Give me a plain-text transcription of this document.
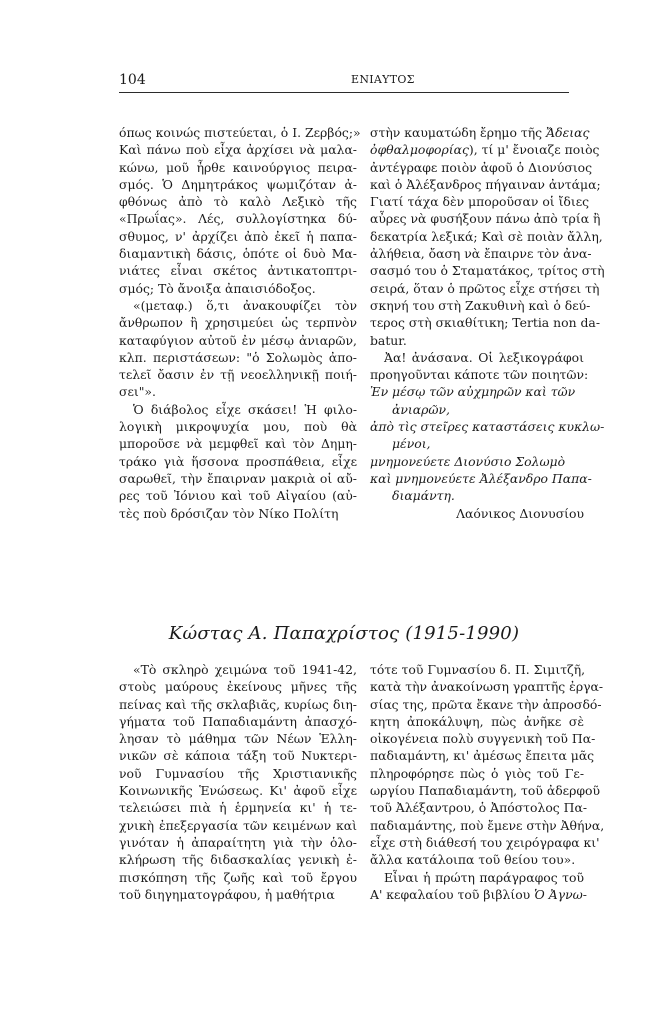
104	ΕΝΙΑΥΤΟΣ
όπως κοινώς πιστεύεται, ὁ Ι. Ζερβός;»
Καὶ πάνω ποὺ εἶχα ἀρχίσει νὰ μαλα-
κώνω, μοῦ ἦρθε καινούργιος πειρα-
σμός. Ὁ Δημητράκος ψωμιζόταν ἀ-
φθόνως ἀπὸ τὸ καλὸ Λεξικὸ τῆς
«Πρωΐας». Λές, συλλογίστηκα δύ-
σθυμος, ν' ἀρχίζει ἀπὸ ἐκεῖ ἡ παπα-
διαμαντικὴ δάσις, ὁπότε οἱ δυὸ Μα-
νιάτες εἶναι σκέτος ἀντικατοπτρι-
σμός; Τὸ ἄνοιξα ἀπαισιόδοξος.
«(μεταφ.) ὅ,τι ἀνακουφίζει τὸν
ἄνθρωπον ἢ χρησιμεύει ὡς τερπνὸν
καταφύγιον αὐτοῦ ἐν μέσῳ ἀνιαρῶν,
κλπ. περιστάσεων: "ὁ Σολωμὸς ἀπο-
τελεῖ ὄασιν ἐν τῇ νεοελληνικῇ ποιή-
σει"».
Ὁ διάβολος εἶχε σκάσει! Ἡ φιλο-
λογικὴ μικροψυχία μου, ποὺ θὰ
μποροῦσε νὰ μεμφθεῖ καὶ τὸν Δημη-
τράκο γιὰ ἥσσονα προσπάθεια, εἶχε
σαρωθεῖ, τὴν ἔπαιρναν μακριὰ οἱ αὔ-
ρες τοῦ Ἰόνιου καὶ τοῦ Αἰγαίου (αὐ-
τὲς ποὺ δρόσιζαν τὸν Νίκο Πολίτη
στὴν καυματώδη ἔρημο τῆς Ἄδειας
ὀφθαλμοφορίας), τί μ' ἔνοιαζε ποιὸς
ἀντέγραφε ποιὸν ἀφοῦ ὁ Διονύσιος
καὶ ὁ Ἀλέξανδρος πήγαιναν ἀντάμα;
Γιατί τάχα δὲν μποροῦσαν οἱ ἴδιες
αὖρες νὰ φυσήξουν πάνω ἀπὸ τρία ἢ
δεκατρία λεξικά; Καὶ σὲ ποιὰν ἄλλη,
ἀλήθεια, ὄαση νὰ ἔπαιρνε τὸν ἀνα-
σασμό του ὁ Σταματάκος, τρίτος στὴ
σειρά, ὅταν ὁ πρῶτος εἶχε στήσει τὴ
σκηνή του στὴ Ζακυθινὴ καὶ ὁ δεύ-
τερος στὴ σκιαθίτικη; Tertia non da-
batur.
Ἀα! ἀνάσανα. Οἱ λεξικογράφοι
προηγοῦνται κάποτε τῶν ποιητῶν:
Ἐν μέσῳ τῶν αὐχμηρῶν καὶ τῶν
ἀνιαρῶν,
ἀπὸ τὶς στεῖρες καταστάσεις κυκλω-
μένοι,
μνημονεύετε Διονύσιο Σολωμὸ
καὶ μνημονεύετε Ἀλέξανδρο Παπα-
διαμάντη.
Λαόνικος Διονυσίου
Κώστας Α. Παπαχρίστος (1915-1990)
«Τὸ σκληρὸ χειμώνα τοῦ 1941-42,
στοὺς μαύρους ἐκείνους μῆνες τῆς
πείνας καὶ τῆς σκλαβιᾶς, κυρίως διη-
γήματα τοῦ Παπαδιαμάντη ἀπασχό-
λησαν τὸ μάθημα τῶν Νέων Ἑλλη-
νικῶν σὲ κάποια τάξη τοῦ Νυκτερι-
νοῦ Γυμνασίου τῆς Χριστιανικῆς
Κοινωνικῆς Ἑνώσεως. Κι' ἀφοῦ εἶχε
τελειώσει πιὰ ἡ ἑρμηνεία κι' ἡ τε-
χνικὴ ἐπεξεργασία τῶν κειμένων καὶ
γινόταν ἡ ἀπαραίτητη γιὰ τὴν ὁλο-
κλήρωση τῆς διδασκαλίας γενικὴ ἐ-
πισκόπηση τῆς ζωῆς καὶ τοῦ ἔργου
τοῦ διηγηματογράφου, ἡ μαθήτρια
τότε τοῦ Γυμνασίου δ. Π. Σιμιτζῆ,
κατὰ τὴν ἀνακοίνωση γραπτῆς ἐργα-
σίας της, πρῶτα ἔκανε τὴν ἀπροσδό-
κητη ἀποκάλυψη, πὼς ἀνῆκε σὲ
οἰκογένεια πολὺ συγγενικὴ τοῦ Πα-
παδιαμάντη, κι' ἀμέσως ἔπειτα μᾶς
πληροφόρησε πὼς ὁ γιὸς τοῦ Γε-
ωργίου Παπαδιαμάντη, τοῦ ἀδερφοῦ
τοῦ Ἀλέξαντρου, ὁ Ἀπόστολος Πα-
παδιαμάντης, ποὺ ἔμενε στὴν Ἀθήνα,
εἶχε στὴ διάθεσή του χειρόγραφα κι'
ἄλλα κατάλοιπα τοῦ θείου του».
Εἶναι ἡ πρώτη παράγραφος τοῦ
Α' κεφαλαίου τοῦ βιβλίου Ὁ Ἀγνω-
